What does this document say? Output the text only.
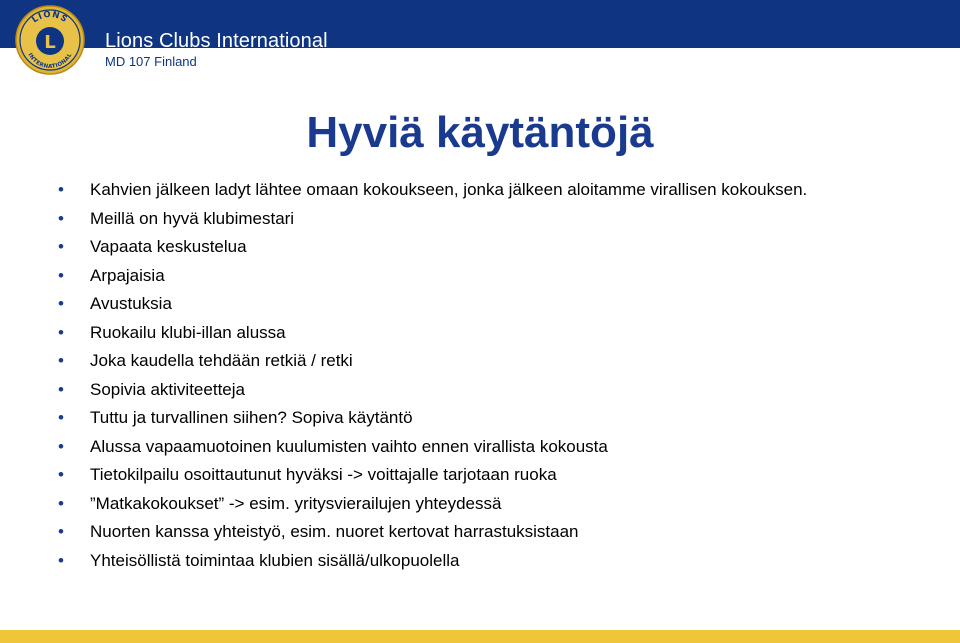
LIONS
INTERNATIONAL
L Lions Clubs International

MD 107 Finland

Hyviä käytäntöjä
• Kahvien jälkeen ladyt lähtee omaan kokoukseen, jonka jälkeen aloitamme virallisen kokouksen.
• Meillä on hyvä klubimestari
• Vapaata keskustelua
• Arpajaisia
• Avustuksia
• Ruokailu klubi-illan alussa
• Joka kaudella tehdään retkiä / retki
• Sopivia aktiviteetteja
• Tuttu ja turvallinen siihen? Sopiva käytäntö
• Alussa vapaamuotoinen kuulumisten vaihto ennen virallista kokousta
• Tietokilpailu osoittautunut hyväksi -> voittajalle tarjotaan ruoka
• ”Matkakokoukset” -> esim. yritysvierailujen yhteydessä
• Nuorten kanssa yhteistyö, esim. nuoret kertovat harrastuksistaan
• Yhteisöllistä toimintaa klubien sisällä/ulkopuolella
